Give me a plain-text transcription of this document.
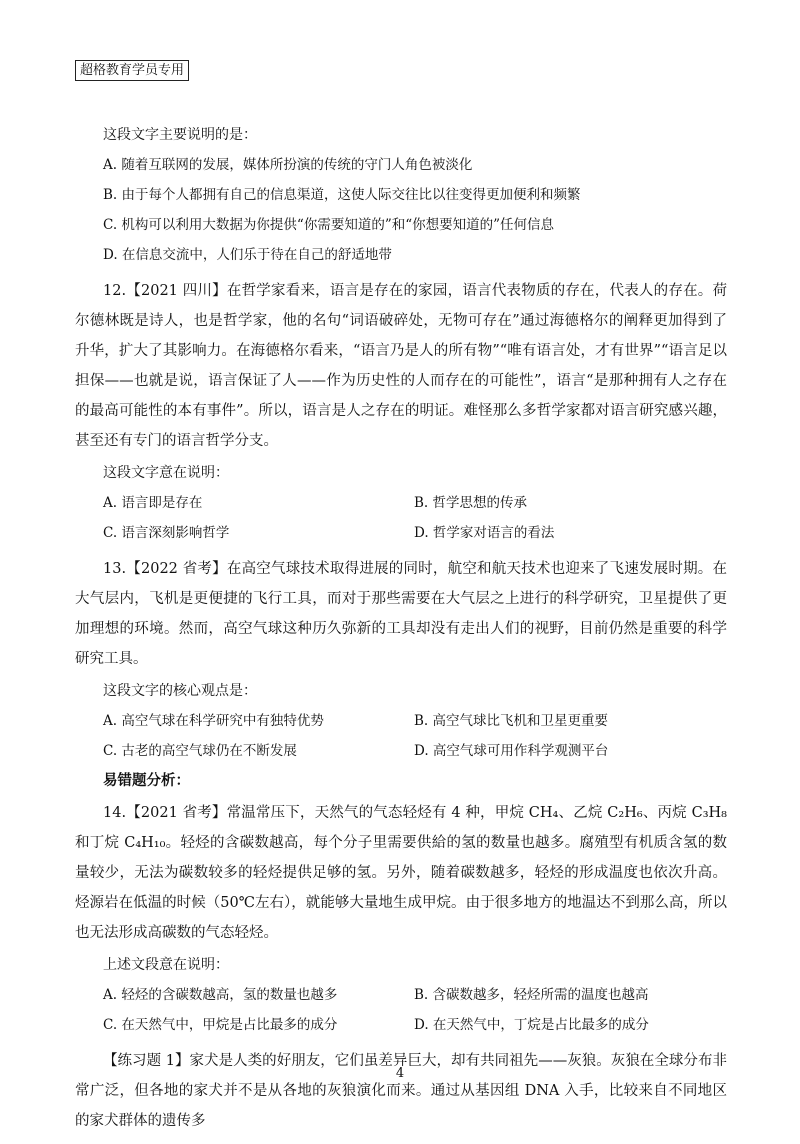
超格教育学员专用
这段文字主要说明的是：
A. 随着互联网的发展，媒体所扮演的传统的守门人角色被淡化
B. 由于每个人都拥有自己的信息渠道，这使人际交往比以往变得更加便利和频繁
C. 机构可以利用大数据为你提供“你需要知道的”和“你想要知道的”任何信息
D. 在信息交流中，人们乐于待在自己的舒适地带
12.【2021 四川】在哲学家看来，语言是存在的家园，语言代表物质的存在，代表人的存在。荷尔德林既是诗人，也是哲学家，他的名句“词语破碎处，无物可存在”通过海德格尔的阐释更加得到了升华，扩大了其影响力。在海德格尔看来，“语言乃是人的所有物”“唯有语言处，才有世界”“语言足以担保——也就是说，语言保证了人——作为历史性的人而存在的可能性”，语言“是那种拥有人之存在的最高可能性的本有事件”。所以，语言是人之存在的明证。难怪那么多哲学家都对语言研究感兴趣，甚至还有专门的语言哲学分支。
这段文字意在说明：
A. 语言即是存在	B. 哲学思想的传承
C. 语言深刻影响哲学	D. 哲学家对语言的看法
13.【2022 省考】在高空气球技术取得进展的同时，航空和航天技术也迎来了飞速发展时期。在大气层内，飞机是更便捷的飞行工具，而对于那些需要在大气层之上进行的科学研究，卫星提供了更加理想的环境。然而，高空气球这种历久弥新的工具却没有走出人们的视野，目前仍然是重要的科学研究工具。
这段文字的核心观点是：
A. 高空气球在科学研究中有独特优势	B. 高空气球比飞机和卫星更重要
C. 古老的高空气球仍在不断发展	D. 高空气球可用作科学观测平台
易错题分析：
14.【2021 省考】常温常压下，天然气的气态轻烃有 4 种，甲烷 CH₄、乙烷 C₂H₆、丙烷 C₃H₈ 和丁烷 C₄H₁₀。轻烃的含碳数越高，每个分子里需要供給的氢的数量也越多。腐殖型有机质含氢的数量较少，无法为碳数较多的轻烃提供足够的氢。另外，随着碳数越多，轻烃的形成温度也依次升高。烃源岩在低温的时候（50℃左右），就能够大量地生成甲烷。由于很多地方的地温达不到那么高，所以也无法形成高碳数的气态轻烃。
上述文段意在说明：
A. 轻烃的含碳数越高，氢的数量也越多	B. 含碳数越多，轻烃所需的温度也越高
C. 在天然气中，甲烷是占比最多的成分	D. 在天然气中，丁烷是占比最多的成分
【练习题 1】家犬是人类的好朋友，它们虽差异巨大，却有共同祖先——灰狼。灰狼在全球分布非常广泛，但各地的家犬并不是从各地的灰狼演化而来。通过从基因组 DNA 入手，比较来自不同地区的家犬群体的遗传多
4
